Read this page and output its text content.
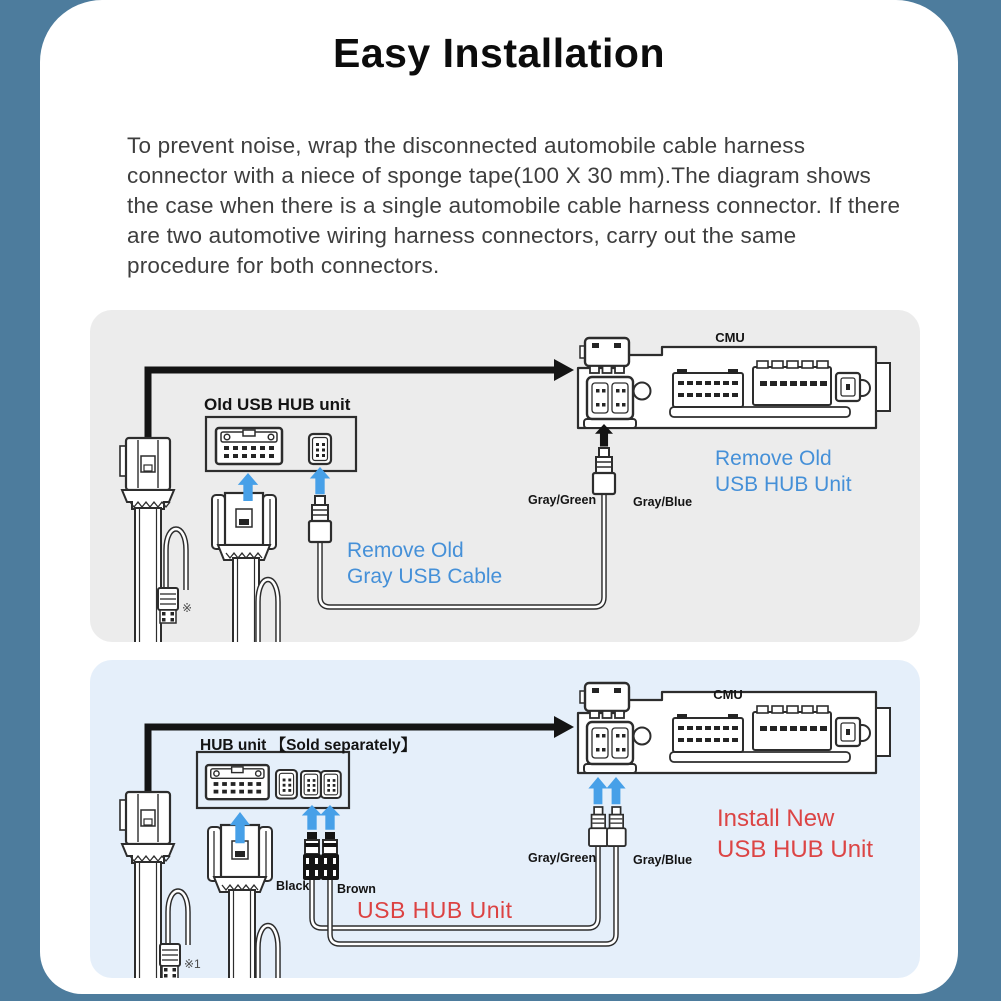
Easy Installation

To prevent noise, wrap the disconnected automobile cable harness connector with a niece of sponge tape(100 X 30 mm).The diagram shows the case when there is a single automobile cable harness connector. If there are two automotive wiring harness connectors, carry out the same procedure for both connectors.

CMU
Old USB HUB unit
Gray/Green	Gray/Blue
Remove Old
USB HUB Unit
Remove Old
Gray USB Cable
※
CMU
HUB unit 【Sold separately】
Black Brown
Gray/Green	Gray/Blue
USB HUB Unit
Install New
USB HUB Unit
※1
